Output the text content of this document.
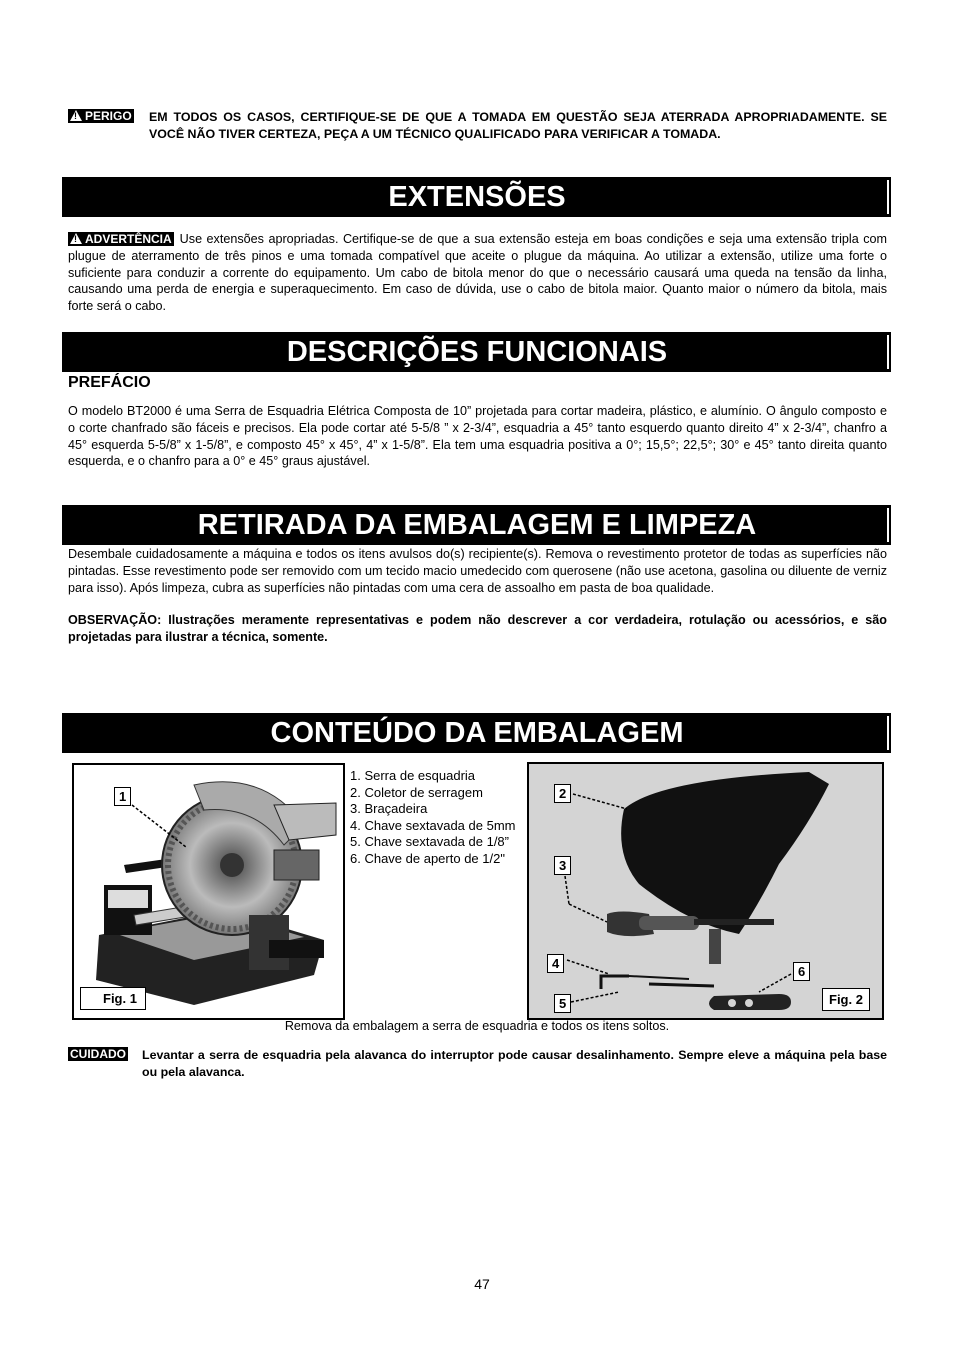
!PERIGO EM TODOS OS CASOS, CERTIFIQUE-SE DE QUE A TOMADA EM QUESTÃO SEJA ATERRADA APROPRIADAMENTE. SE VOCÊ NÃO TIVER CERTEZA, PEÇA A UM TÉCNICO QUALIFICADO PARA VERIFICAR A TOMADA.
EXTENSÕES
!ADVERTÊNCIA Use extensões apropriadas. Certifique-se de que a sua extensão esteja em boas condições e seja uma extensão tripla com plugue de aterramento de três pinos e uma tomada compatível que aceite o plugue da máquina. Ao utilizar a extensão, utilize uma forte o suficiente para conduzir a corrente do equipamento. Um cabo de bitola menor do que o necessário causará uma queda na tensão da linha, causando uma perda de energia e superaquecimento. Em caso de dúvida, use o cabo de bitola maior. Quanto maior o número da bitola, mais forte será o cabo.
DESCRIÇÕES FUNCIONAIS
PREFÁCIO
O modelo BT2000 é uma Serra de Esquadria Elétrica Composta de 10” projetada para cortar madeira, plástico, e alumínio. O ângulo composto e o corte chanfrado são fáceis e precisos. Ela pode cortar até 5-5/8 ” x 2-3/4”, esquadria a 45° tanto esquerdo quanto direito 4” x 2-3/4”, chanfro a 45° esquerda 5-5/8” x 1-5/8”, e composto 45° x 45°, 4” x 1-5/8”. Ela tem uma esquadria positiva a 0°; 15,5°; 22,5°; 30° e 45° tanto direita quanto esquerda, e o chanfro para a 0° e 45° graus ajustável.
RETIRADA DA EMBALAGEM E LIMPEZA
Desembale cuidadosamente a máquina e todos os itens avulsos do(s) recipiente(s). Remova o revestimento protetor de todas as superfícies não pintadas. Esse revestimento pode ser removido com um tecido macio umedecido com querosene (não use acetona, gasolina ou diluente de verniz para isso). Após limpeza, cubra as superfícies não pintadas com uma cera de assoalho em pasta de boa qualidade.
OBSERVAÇÃO: Ilustrações meramente representativas e podem não descrever a cor verdadeira, rotulação ou acessórios, e são projetadas para ilustrar a técnica, somente.
CONTEÚDO DA EMBALAGEM
1
Fig. 1
1. Serra de esquadria
2. Coletor de serragem
3. Braçadeira
4. Chave sextavada de 5mm
5. Chave sextavada de 1/8”
6. Chave de aperto de 1/2"
2
3
4
5
6
Fig. 2
Remova da embalagem a serra de esquadria e todos os itens soltos.
CUIDADO Levantar a serra de esquadria pela alavanca do interruptor pode causar desalinhamento. Sempre eleve a máquina pela base ou pela alavanca.
47
